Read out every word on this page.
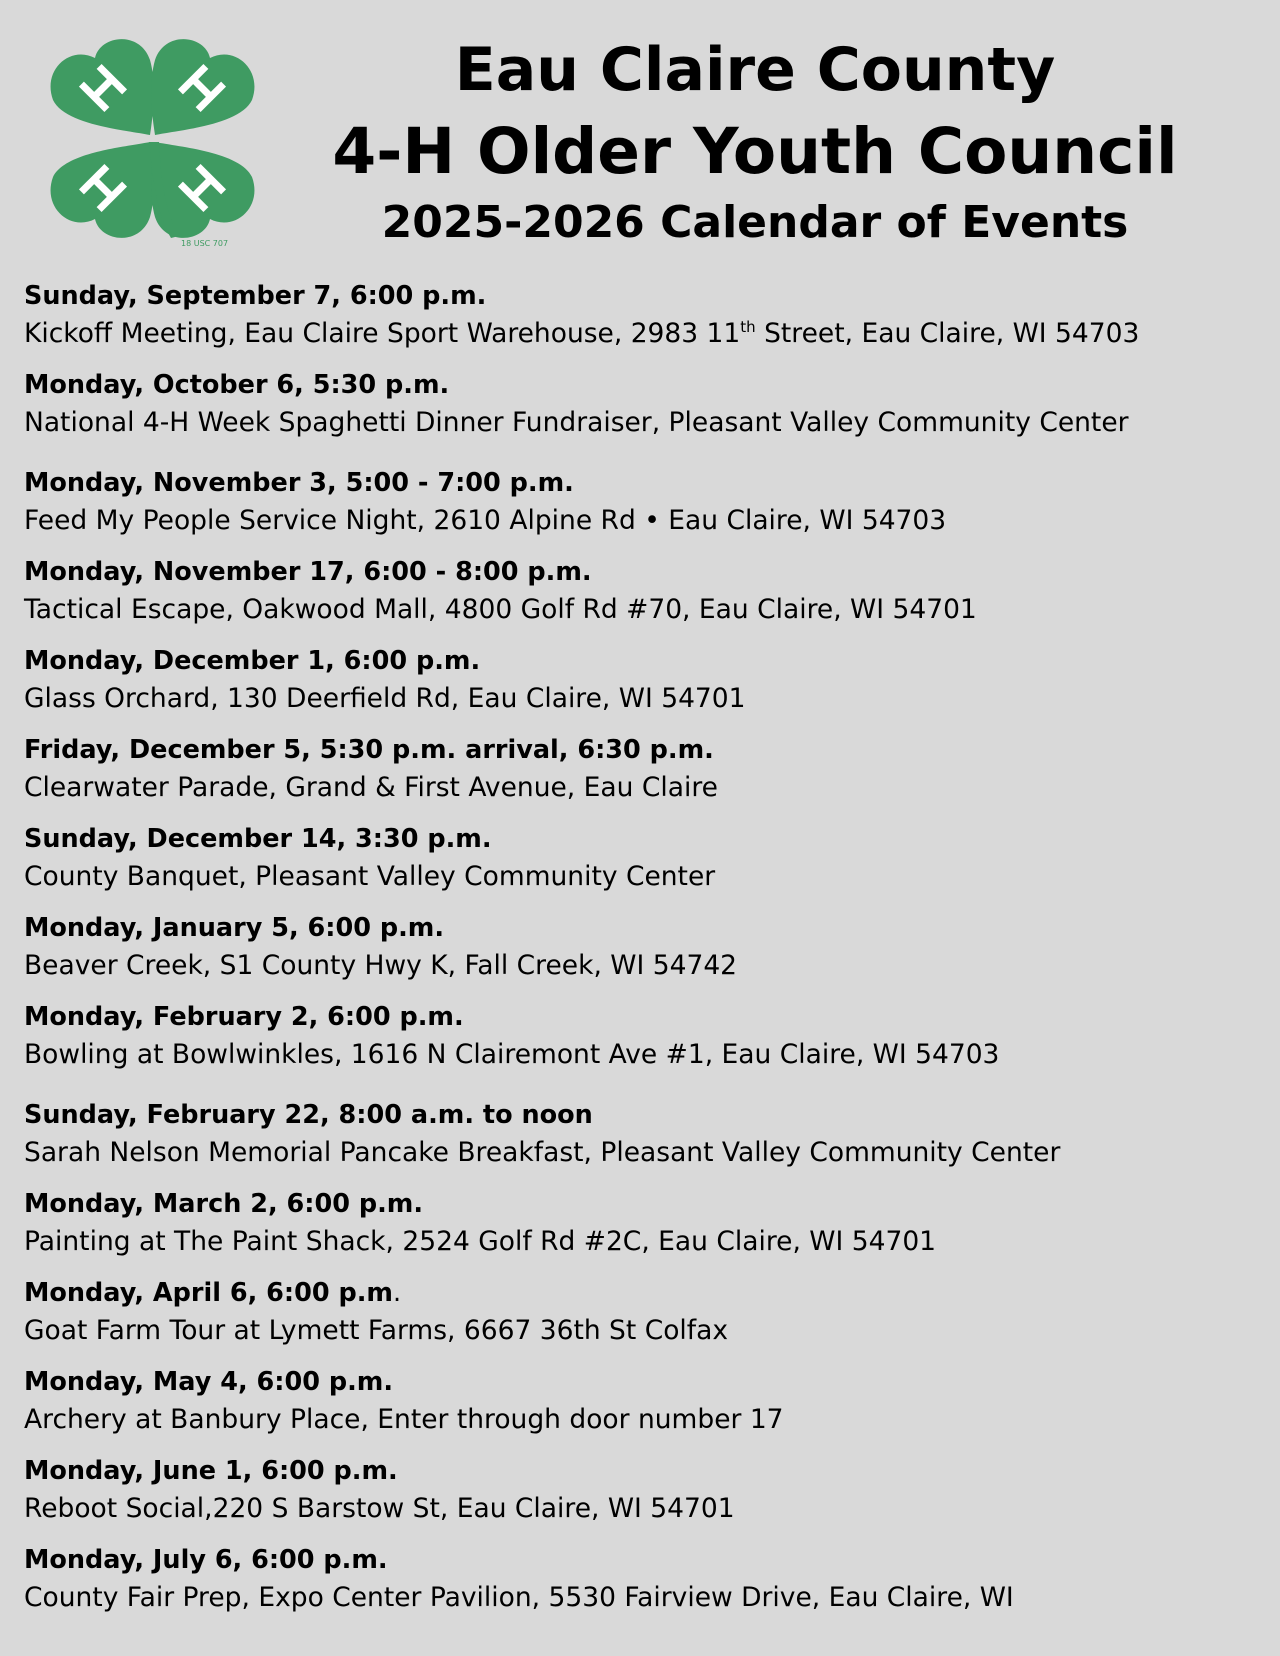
18 USC 707
Eau Claire County
4-H Older Youth Council
2025-2026 Calendar of Events
Sunday, September 7, 6:00 p.m.
Kickoff Meeting, Eau Claire Sport Warehouse, 2983 11th Street, Eau Claire, WI 54703
Monday, October 6, 5:30 p.m.
National 4-H Week Spaghetti Dinner Fundraiser, Pleasant Valley Community Center
Monday, November 3, 5:00 - 7:00 p.m.
Feed My People Service Night, 2610 Alpine Rd • Eau Claire, WI 54703
Monday, November 17, 6:00 - 8:00 p.m.
Tactical Escape, Oakwood Mall, 4800 Golf Rd #70, Eau Claire, WI 54701
Monday, December 1, 6:00 p.m.
Glass Orchard, 130 Deerfield Rd, Eau Claire, WI 54701
Friday, December 5, 5:30 p.m. arrival, 6:30 p.m.
Clearwater Parade, Grand & First Avenue, Eau Claire
Sunday, December 14, 3:30 p.m.
County Banquet, Pleasant Valley Community Center
Monday, January 5, 6:00 p.m.
Beaver Creek, S1 County Hwy K, Fall Creek, WI 54742
Monday, February 2, 6:00 p.m.
Bowling at Bowlwinkles, 1616 N Clairemont Ave #1, Eau Claire, WI 54703
Sunday, February 22, 8:00 a.m. to noon
Sarah Nelson Memorial Pancake Breakfast, Pleasant Valley Community Center
Monday, March 2, 6:00 p.m.
Painting at The Paint Shack, 2524 Golf Rd #2C, Eau Claire, WI 54701
Monday, April 6, 6:00 p.m.
Goat Farm Tour at Lymett Farms, 6667 36th St Colfax
Monday, May 4, 6:00 p.m.
Archery at Banbury Place, Enter through door number 17
Monday, June 1, 6:00 p.m.
Reboot Social,220 S Barstow St, Eau Claire, WI 54701
Monday, July 6, 6:00 p.m.
County Fair Prep, Expo Center Pavilion, 5530 Fairview Drive, Eau Claire, WI
